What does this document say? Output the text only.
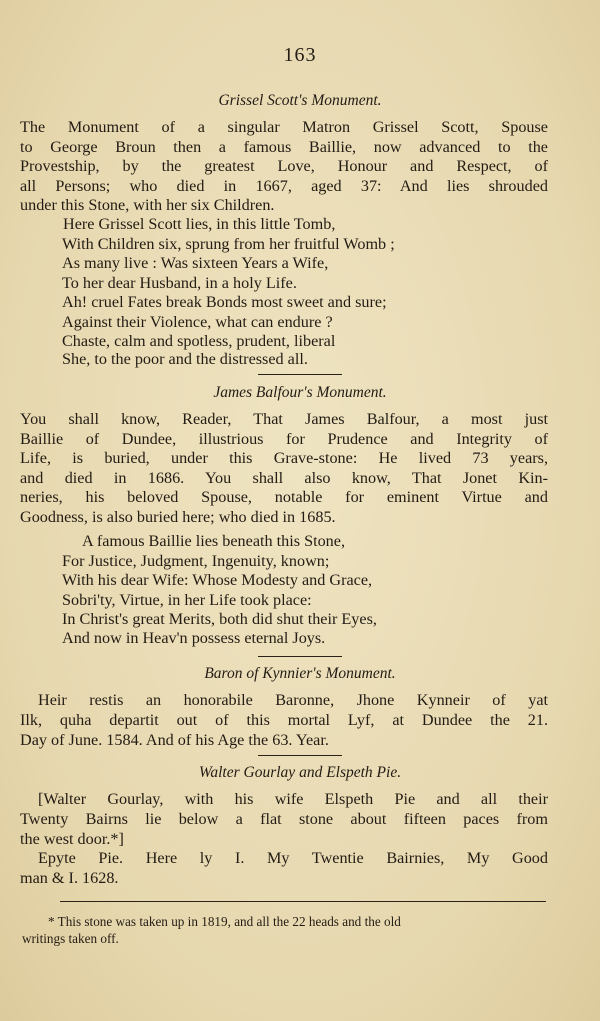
163
Grissel Scott's Monument.
The Monument of a singular Matron Grissel Scott, Spouse
to George Broun then a famous Baillie, now advanced to the
Provestship, by the greatest Love, Honour and Respect, of
all Persons; who died in 1667, aged 37: And lies shrouded
under this Stone, with her six Children.
Here Grissel Scott lies, in this little Tomb,
With Children six, sprung from her fruitful Womb ;
As many live : Was sixteen Years a Wife,
To her dear Husband, in a holy Life.
Ah! cruel Fates break Bonds most sweet and sure;
Against their Violence, what can endure ?
Chaste, calm and spotless, prudent, liberal
She, to the poor and the distressed all.
James Balfour's Monument.
You shall know, Reader, That James Balfour, a most just
Baillie of Dundee, illustrious for Prudence and Integrity of
Life, is buried, under this Grave-stone: He lived 73 years,
and died in 1686. You shall also know, That Jonet Kin-
neries, his beloved Spouse, notable for eminent Virtue and
Goodness, is also buried here; who died in 1685.
A famous Baillie lies beneath this Stone,
For Justice, Judgment, Ingenuity, known;
With his dear Wife: Whose Modesty and Grace,
Sobri'ty, Virtue, in her Life took place:
In Christ's great Merits, both did shut their Eyes,
And now in Heav'n possess eternal Joys.
Baron of Kynnier's Monument.
Heir restis an honorabile Baronne, Jhone Kynneir of yat
Ilk, quha departit out of this mortal Lyf, at Dundee the 21.
Day of June. 1584. And of his Age the 63. Year.
Walter Gourlay and Elspeth Pie.
[Walter Gourlay, with his wife Elspeth Pie and all their
Twenty Bairns lie below a flat stone about fifteen paces from
the west door.*]
Epyte Pie. Here ly I. My Twentie Bairnies, My Good
man & I. 1628.
* This stone was taken up in 1819, and all the 22 heads and the old
writings taken off.
